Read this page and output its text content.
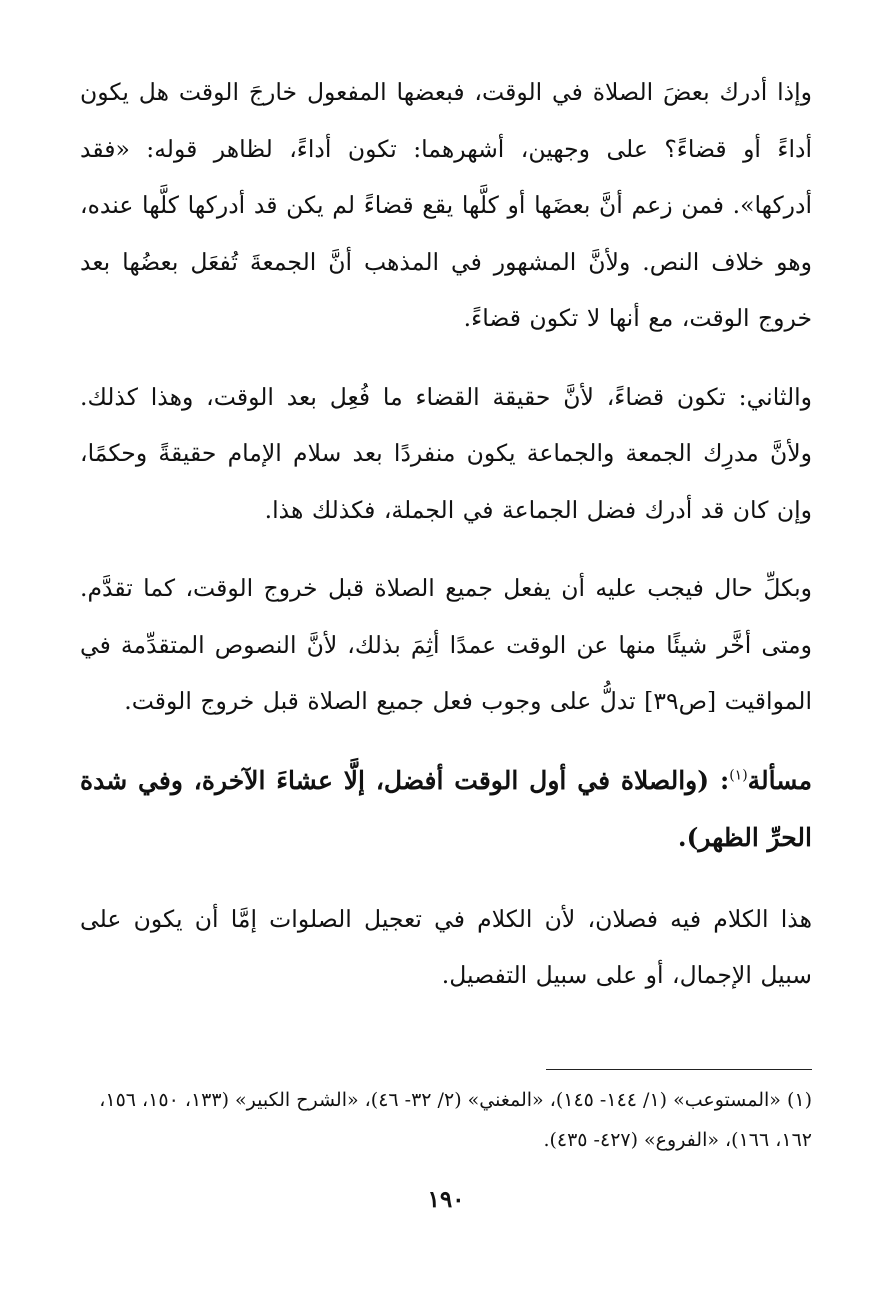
وإذا أدرك بعضَ الصلاة في الوقت، فبعضها المفعول خارجَ الوقت هل يكون أداءً أو قضاءً؟ على وجهين، أشهرهما: تكون أداءً، لظاهر قوله: «فقد أدركها». فمن زعم أنَّ بعضَها أو كلَّها يقع قضاءً لم يكن قد أدركها كلَّها عنده، وهو خلاف النص. ولأنَّ المشهور في المذهب أنَّ الجمعةَ تُفعَل بعضُها بعد خروج الوقت، مع أنها لا تكون قضاءً.

والثاني: تكون قضاءً، لأنَّ حقيقة القضاء ما فُعِل بعد الوقت، وهذا كذلك. ولأنَّ مدرِك الجمعة والجماعة يكون منفردًا بعد سلام الإمام حقيقةً وحكمًا، وإن كان قد أدرك فضل الجماعة في الجملة، فكذلك هذا.

وبكلِّ حال فيجب عليه أن يفعل جميع الصلاة قبل خروج الوقت، كما تقدَّم. ومتى أخَّر شيئًا منها عن الوقت عمدًا أثِمَ بذلك، لأنَّ النصوص المتقدِّمة في المواقيت [ص٣٩] تدلُّ على وجوب فعل جميع الصلاة قبل خروج الوقت.

مسألة$^{(١)}$: (والصلاة في أول الوقت أفضل، إلَّا عشاءَ الآخرة، وفي شدة الحرِّ الظهر).

هذا الكلام فيه فصلان، لأن الكلام في تعجيل الصلوات إمَّا أن يكون على سبيل الإجمال، أو على سبيل التفصيل.

(١) «المستوعب» (١/ ١٤٤- ١٤٥)، «المغني» (٢/ ٣٢- ٤٦)، «الشرح الكبير» (١٣٣، ١٥٠، ١٥٦، ١٦٢، ١٦٦)، «الفروع» (٤٢٧- ٤٣٥).

١٩٠
